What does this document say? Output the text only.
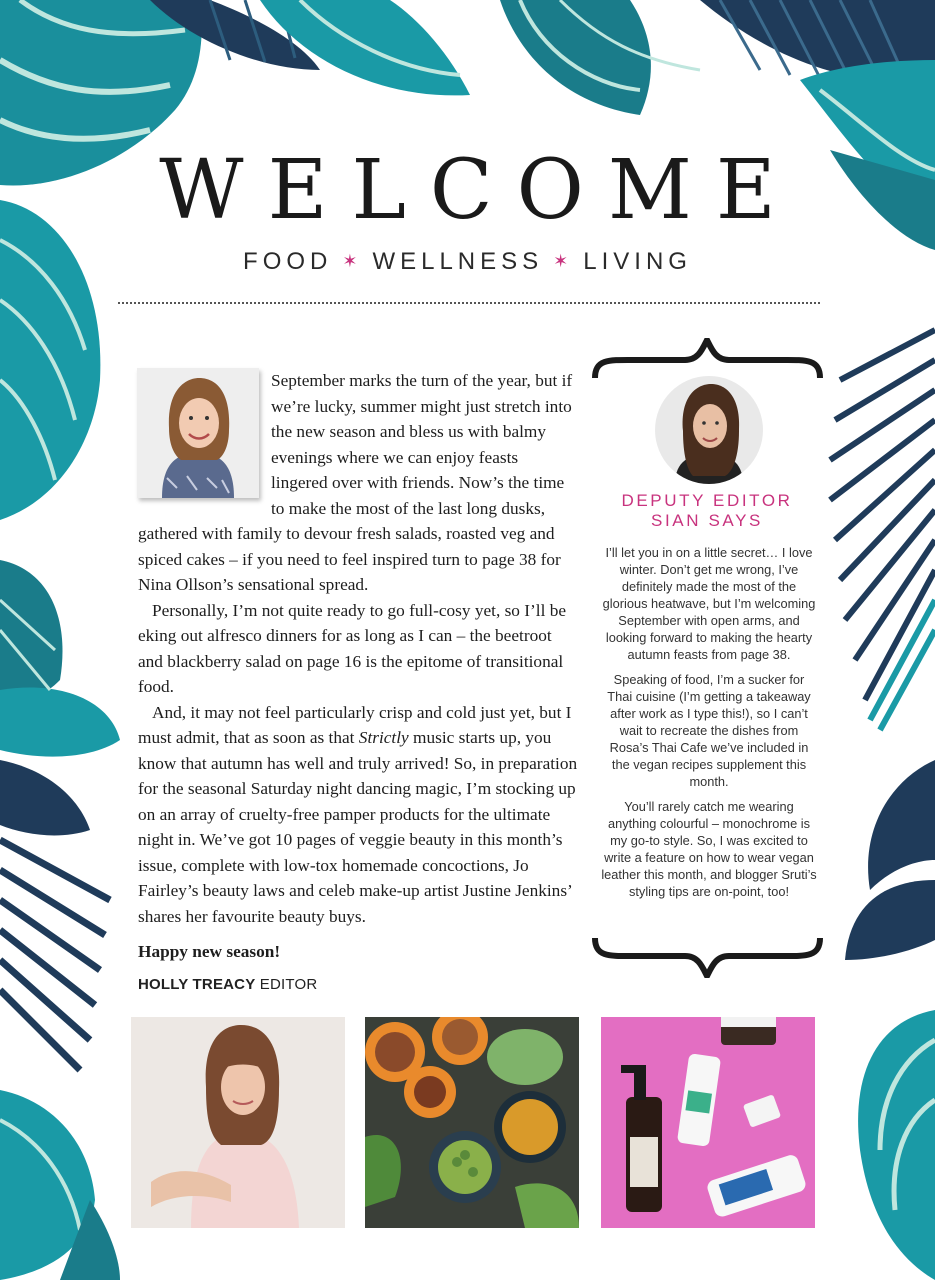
WELCOME
FOOD ✶ WELLNESS ✶ LIVING

September marks the turn of the year, but if we’re lucky, summer might just stretch into the new season and bless us with balmy evenings where we can enjoy feasts lingered over with friends. Now’s the time to make the most of the last long dusks, gathered with family to devour fresh salads, roasted veg and spiced cakes – if you need to feel inspired turn to page 38 for Nina Ollson’s sensational spread.

Personally, I’m not quite ready to go full-cosy yet, so I’ll be eking out alfresco dinners for as long as I can – the beetroot and blackberry salad on page 16 is the epitome of transitional food.

And, it may not feel particularly crisp and cold just yet, but I must admit, that as soon as that Strictly music starts up, you know that autumn has well and truly arrived! So, in preparation for the seasonal Saturday night dancing magic, I’m stocking up on an array of cruelty-free pamper products for the ultimate night in. We’ve got 10 pages of veggie beauty in this month’s issue, complete with low-tox homemade concoctions, Jo Fairley’s beauty laws and celeb make-up artist Justine Jenkins’ shares her favourite beauty buys.

Happy new season!

HOLLY TREACY EDITOR
DEPUTY EDITOR
SIAN SAYS

I’ll let you in on a little secret… I love winter. Don’t get me wrong, I’ve definitely made the most of the glorious heatwave, but I’m welcoming September with open arms, and looking forward to making the hearty autumn feasts from page 38.

Speaking of food, I’m a sucker for Thai cuisine (I’m getting a takeaway after work as I type this!), so I can’t wait to recreate the dishes from Rosa’s Thai Cafe we’ve included in the vegan recipes supplement this month.

You’ll rarely catch me wearing anything colourful – monochrome is my go-to style. So, I was excited to write a feature on how to wear vegan leather this month, and blogger Sruti’s styling tips are on-point, too!
